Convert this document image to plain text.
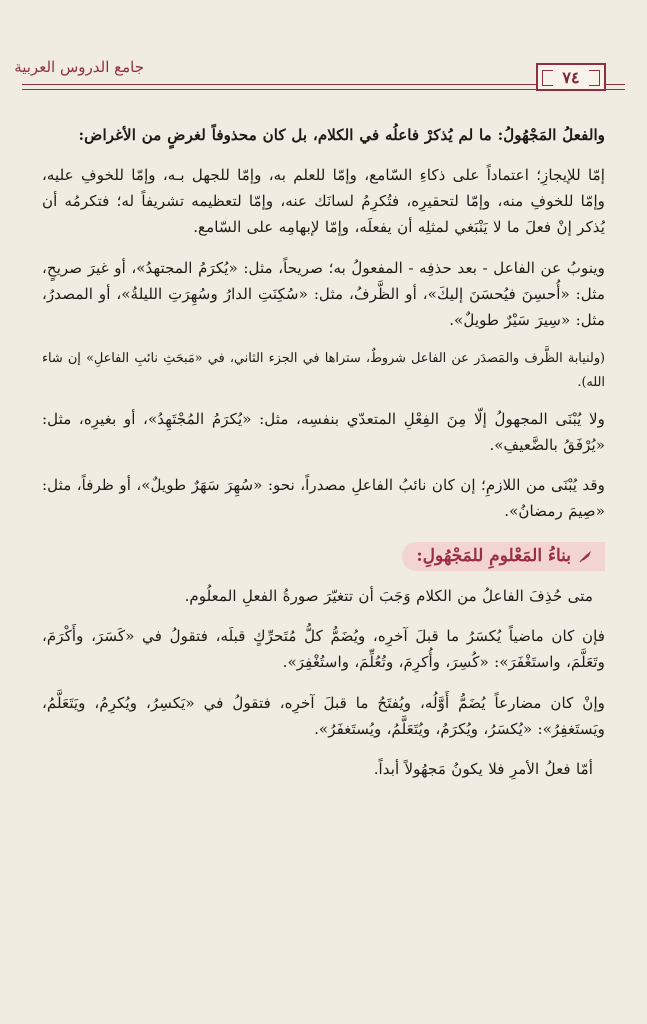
جامع الدروس العربية
٧٤

والفعلُ المَجْهُولُ: ما لم يُذكرْ فاعلُه في الكلام، بل كان محذوفاً لغرضٍ من الأغراض:

إمّا للإيجازِ؛ اعتماداً على ذكاءِ السّامع، وإمّا للعلم به، وإمّا للجهل بـه، وإمّا للخوفِ عليه، وإمّا للخوفِ منه، وإمّا لتحقيرِه، فتُكرِمُ لسانَك عنه، وإمّا لتعظيمه تشريفاً له؛ فتكرمُه أن يُذكر إنْ فعلَ ما لا يَنْبَغي لمثلِه أن يفعلَه، وإمّا لإبهامِه على السّامع.

وينوبُ عن الفاعل - بعد حذفِه - المفعولُ به؛ صريحاً، مثل: «يُكرَمُ المجتهدُ»، أو غيرَ صريحٍ، مثل: «أُحسِنَ فيُحسَنَ إليكَ»، أو الظَّرفُ، مثل: «سُكِنَتِ الدارُ وسُهِرَتِ الليلةُ»، أو المصدرُ، مثل: «سِيرَ سَيْرٌ طويلٌ».

(ولنيابة الظَّرف والمَصدَر عن الفاعل شروطٌ، ستراها في الجزء الثاني، في «مَبحَثِ نائبِ الفاعلِ» إن شاء الله).

ولا يُبْنَى المجهولُ إلّا مِنَ الفِعْلِ المتعدّي بنفسِه، مثل: «يُكرَمُ المُجْتَهِدُ»، أو بغيرِه، مثل: «يُرْفَقُ بالضَّعيفِ».

وقد يُبْنَى من اللازمِ؛ إن كان نائبُ الفاعلِ مصدراً، نحو: «سُهِرَ سَهَرٌ طويلٌ»، أو ظرفاً، مثل: «صِيمَ رمضانُ».

بناءُ المَعْلومِ للمَجْهُولِ:

متى حُذِفَ الفاعلُ من الكلام وَجَبَ أن تتغيّرَ صورةُ الفعلِ المعلُوم.

فإن كان ماضياً يُكسَرُ ما قبلَ آخرِه، ويُضَمُّ كلُّ مُتَحرِّكٍ قبلَه، فتقولُ في «كَسَرَ، وأَكْرَمَ، وتَعَلَّمَ، واستَغْفَرَ»: «كُسِرَ، وأُكرِمَ، وتُعُلِّمَ، واستُغْفِرَ».

وإنْ كان مضارعاً يُضَمُّ أَوَّلُه، ويُفتَحُ ما قبلَ آخرِه، فتقولُ في «يَكسِرُ، ويُكرِمُ، ويَتَعَلَّمُ، ويَستَغفِرُ»: «يُكسَرُ، ويُكرَمُ، ويُتَعَلَّمُ، ويُستَغفَرُ».

أمّا فعلُ الأمرِ فلا يكونُ مَجهُولاً أبداً.
